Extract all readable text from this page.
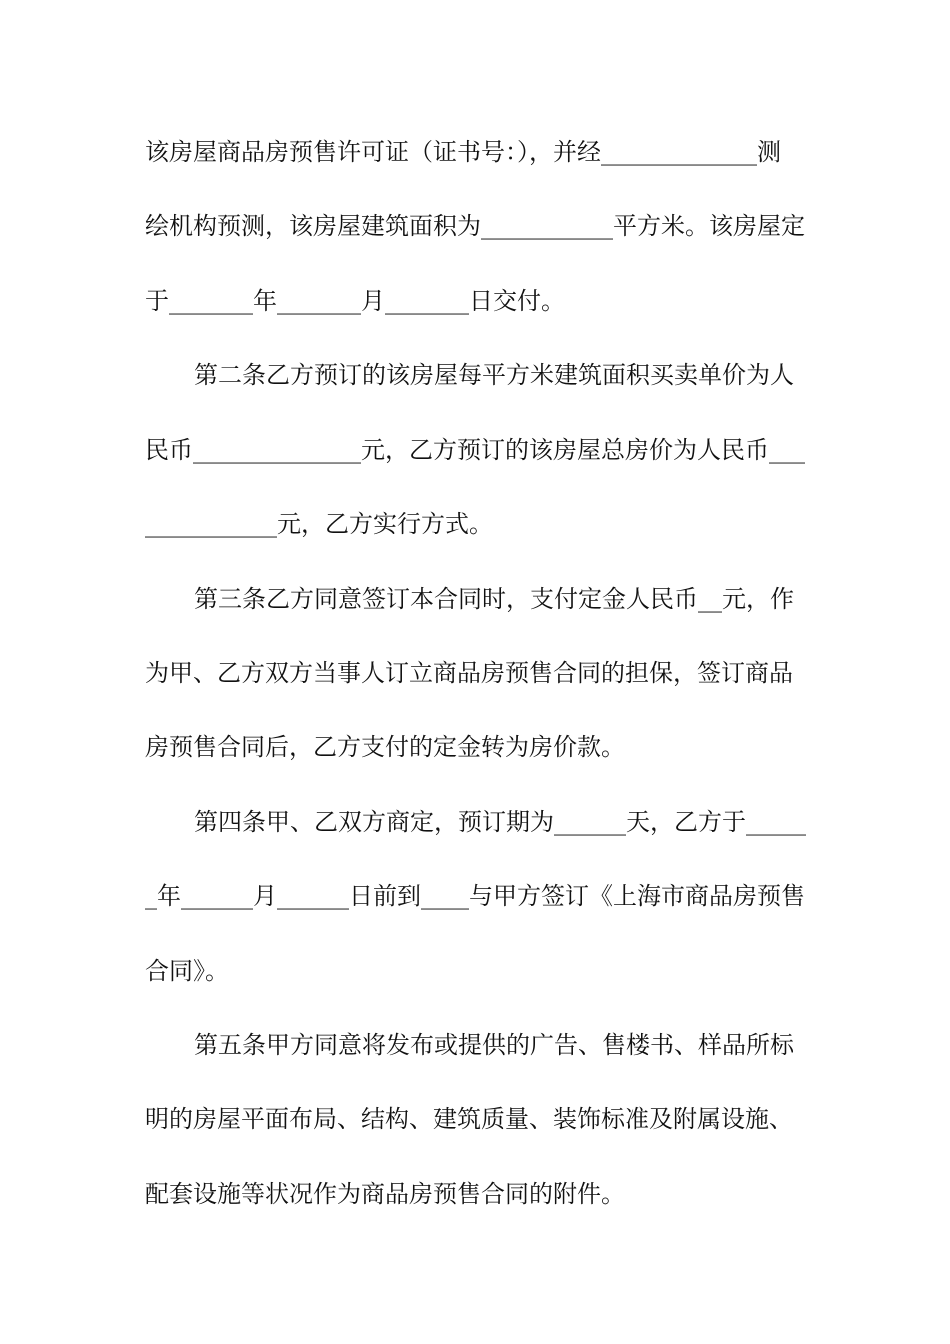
该房屋商品房预售许可证（证书号：），并经_____________测
绘机构预测，该房屋建筑面积为___________平方米。该房屋定
于_______年_______月_______日交付。
第二条乙方预订的该房屋每平方米建筑面积买卖单价为人
民币______________元，乙方预订的该房屋总房价为人民币___
___________元，乙方实行方式。
第三条乙方同意签订本合同时，支付定金人民币__元，作
为甲、乙方双方当事人订立商品房预售合同的担保，签订商品
房预售合同后，乙方支付的定金转为房价款。
第四条甲、乙双方商定，预订期为______天，乙方于_____
_年______月______日前到____与甲方签订《上海市商品房预售
合同》。
第五条甲方同意将发布或提供的广告、售楼书、样品所标
明的房屋平面布局、结构、建筑质量、装饰标准及附属设施、
配套设施等状况作为商品房预售合同的附件。
